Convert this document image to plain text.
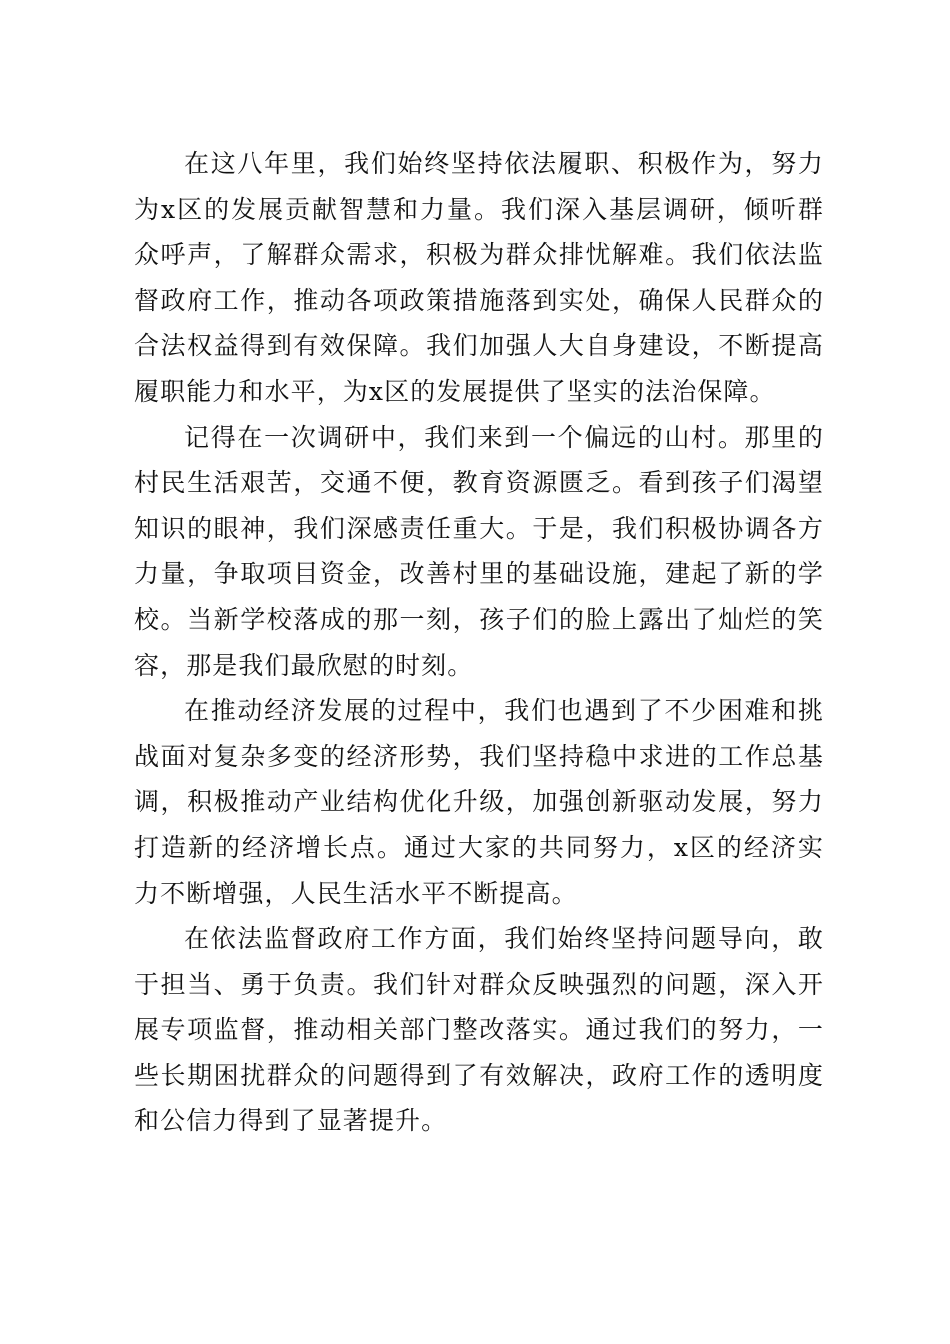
在这八年里，我们始终坚持依法履职、积极作为，努力为x区的发展贡献智慧和力量。我们深入基层调研，倾听群众呼声，了解群众需求，积极为群众排忧解难。我们依法监督政府工作，推动各项政策措施落到实处，确保人民群众的合法权益得到有效保障。我们加强人大自身建设，不断提高履职能力和水平，为x区的发展提供了坚实的法治保障。

记得在一次调研中，我们来到一个偏远的山村。那里的村民生活艰苦，交通不便，教育资源匮乏。看到孩子们渴望知识的眼神，我们深感责任重大。于是，我们积极协调各方力量，争取项目资金，改善村里的基础设施，建起了新的学校。当新学校落成的那一刻，孩子们的脸上露出了灿烂的笑容，那是我们最欣慰的时刻。

在推动经济发展的过程中，我们也遇到了不少困难和挑战面对复杂多变的经济形势，我们坚持稳中求进的工作总基调，积极推动产业结构优化升级，加强创新驱动发展，努力打造新的经济增长点。通过大家的共同努力，x区的经济实力不断增强，人民生活水平不断提高。

在依法监督政府工作方面，我们始终坚持问题导向，敢于担当、勇于负责。我们针对群众反映强烈的问题，深入开展专项监督，推动相关部门整改落实。通过我们的努力，一些长期困扰群众的问题得到了有效解决，政府工作的透明度和公信力得到了显著提升。
